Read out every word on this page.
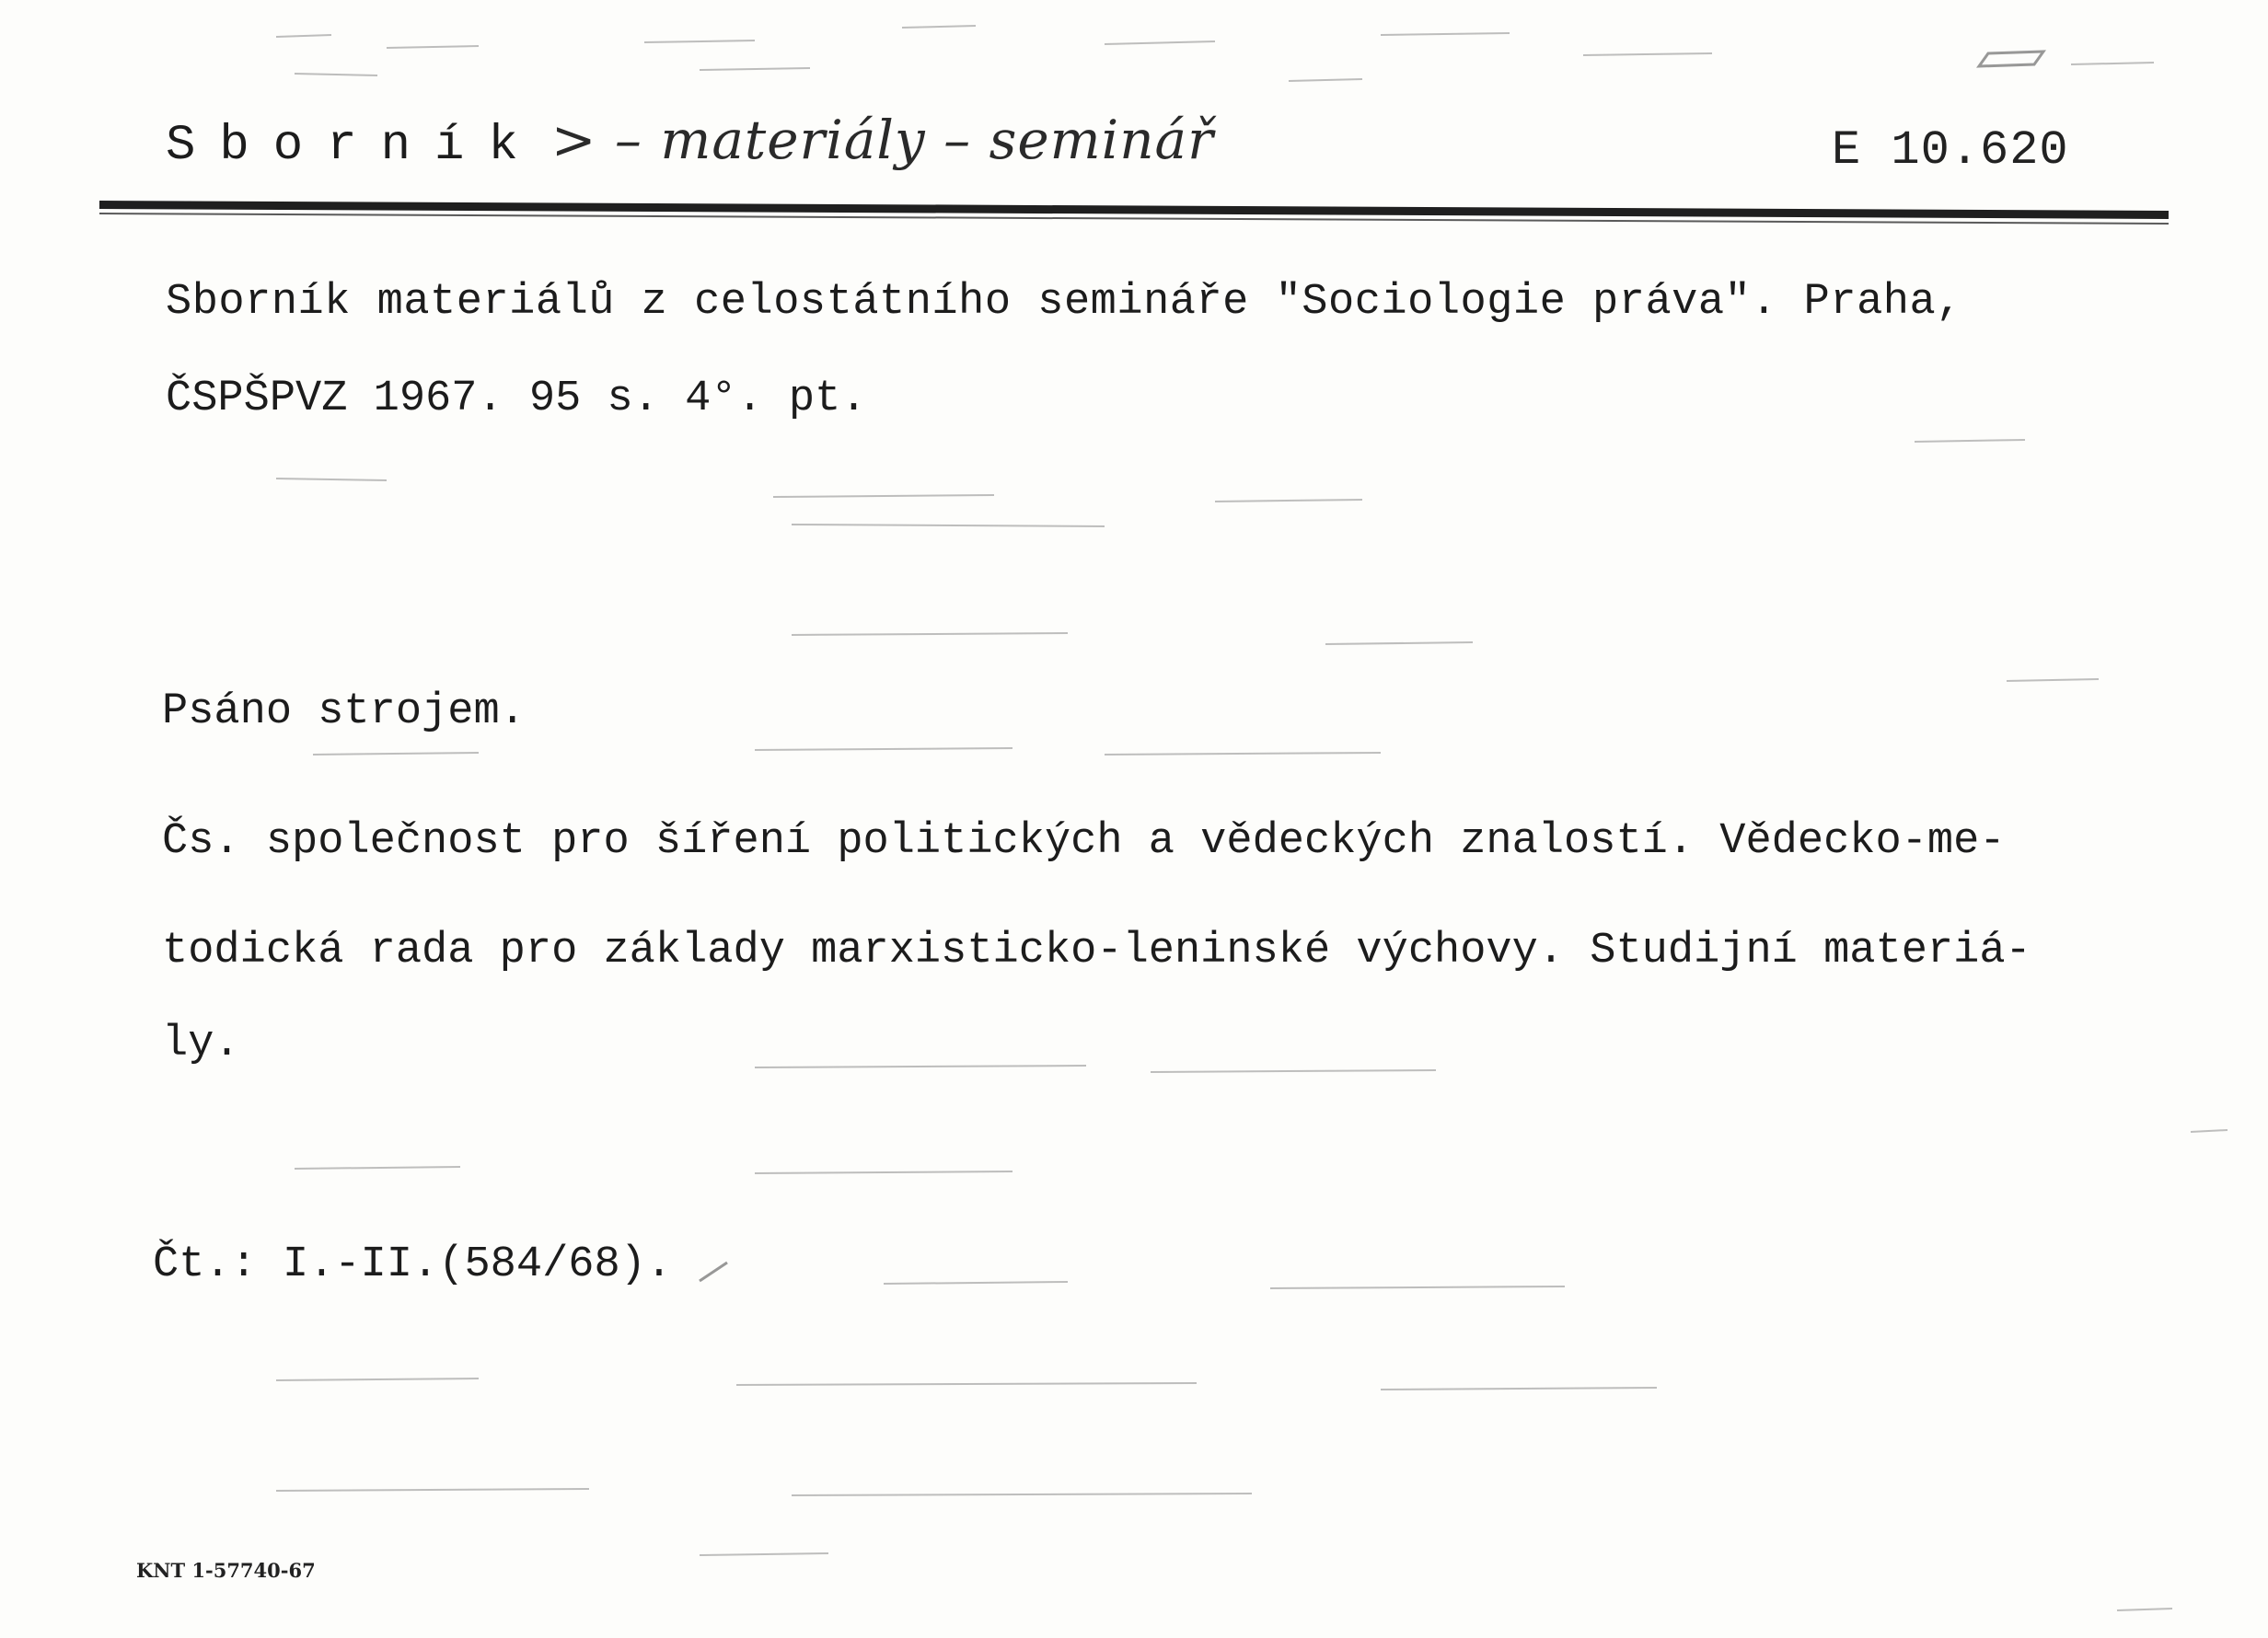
Sborník > – materiály – seminář	E 10.620
Sborník materiálů z celostátního semináře "Sociologie práva". Praha,
ČSPŠPVZ 1967. 95 s. 4°. pt.
Psáno strojem.
Čs. společnost pro šíření politických a vědeckých znalostí. Vědecko-me-
todická rada pro základy marxisticko-leninské výchovy. Studijní materiá-
ly.
Čt.: I.-II.(584/68).
KNT 1-57740-67
